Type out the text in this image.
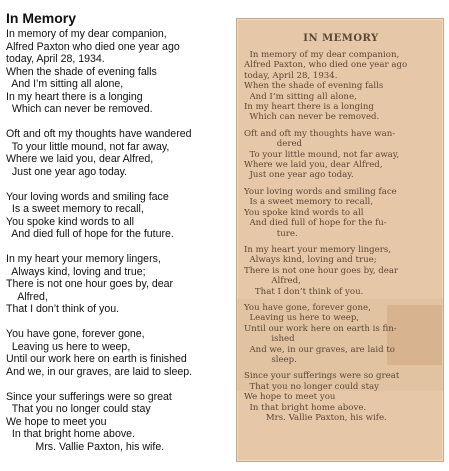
In Memory
In memory of my dear companion,
Alfred Paxton who died one year ago
today, April 28, 1934.
When the shade of evening falls
And I’m sitting all alone,
In my heart there is a longing
Which can never be removed.
Oft and oft my thoughts have wandered
To your little mound, not far away,
Where we laid you, dear Alfred,
Just one year ago today.
Your loving words and smiling face
Is a sweet memory to recall,
You spoke kind words to all
And died full of hope for the future.
In my heart your memory lingers,
Always kind, loving and true;
There is not one hour goes by, dear
Alfred,
That I don’t think of you.
You have gone, forever gone,
Leaving us here to weep,
Until our work here on earth is finished
And we, in our graves, are laid to sleep.
Since your sufferings were so great
That you no longer could stay
We hope to meet you
In that bright home above.
Mrs. Vallie Paxton, his wife.
IN MEMORY
In memory of my dear companion,
Alfred Paxton, who died one year ago
today, April 28, 1934.
When the shade of evening falls
And I’m sitting all alone,
In my heart there is a longing
Which can never be removed.
Oft and oft my thoughts have wan-
dered
To your little mound, not far away,
Where we laid you, dear Alfred,
Just one year ago today.
Your loving words and smiling face
Is a sweet memory to recall,
You spoke kind words to all
And died full of hope for the fu-
ture.
In my heart your memory lingers,
Always kind, loving and true;
There is not one hour goes by, dear
Alfred,
That I don’t think of you.
You have gone, forever gone,
Leaving us here to weep,
Until our work here on earth is fin-
ished
And we, in our graves, are laid to
sleep.
Since your sufferings were so great
That you no longer could stay
We hope to meet you
In that bright home above.
Mrs. Vallie Paxton, his wife.
